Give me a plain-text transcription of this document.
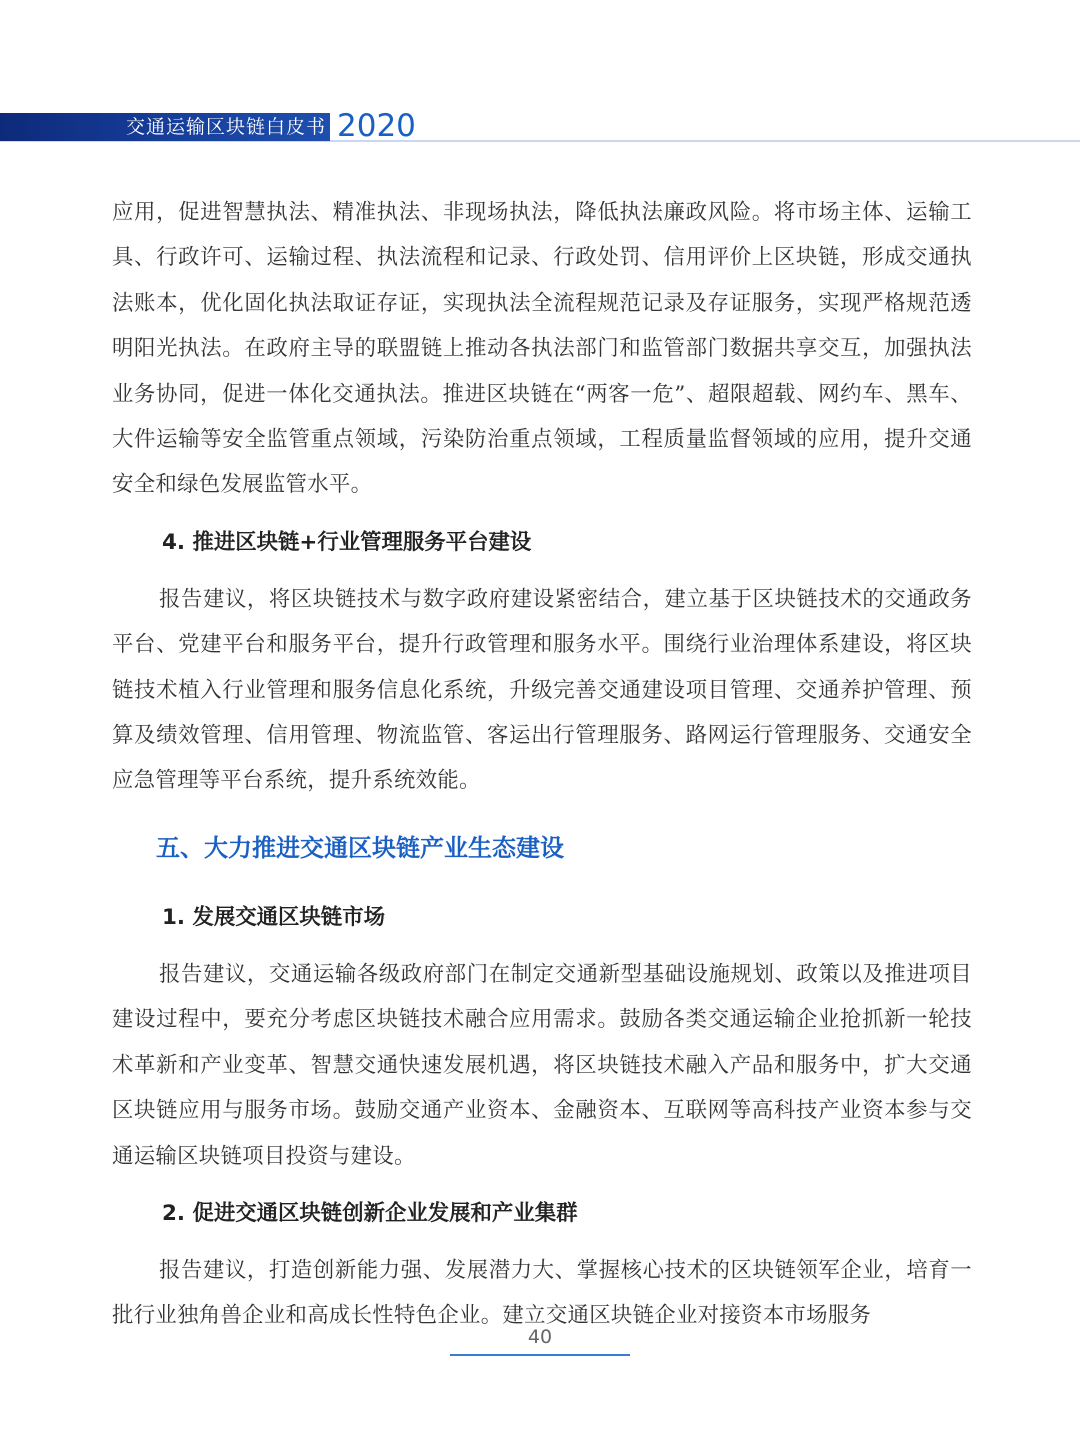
交通运输区块链白皮书 2020

应用，促进智慧执法、精准执法、非现场执法，降低执法廉政风险。将市场主体、运输工具、行政许可、运输过程、执法流程和记录、行政处罚、信用评价上区块链，形成交通执法账本，优化固化执法取证存证，实现执法全流程规范记录及存证服务，实现严格规范透明阳光执法。在政府主导的联盟链上推动各执法部门和监管部门数据共享交互，加强执法业务协同，促进一体化交通执法。推进区块链在“两客一危”、超限超载、网约车、黑车、大件运输等安全监管重点领域，污染防治重点领域，工程质量监督领域的应用，提升交通安全和绿色发展监管水平。

4. 推进区块链+行业管理服务平台建设

报告建议，将区块链技术与数字政府建设紧密结合，建立基于区块链技术的交通政务平台、党建平台和服务平台，提升行政管理和服务水平。围绕行业治理体系建设，将区块链技术植入行业管理和服务信息化系统，升级完善交通建设项目管理、交通养护管理、预算及绩效管理、信用管理、物流监管、客运出行管理服务、路网运行管理服务、交通安全应急管理等平台系统，提升系统效能。

五、大力推进交通区块链产业生态建设
1. 发展交通区块链市场

报告建议，交通运输各级政府部门在制定交通新型基础设施规划、政策以及推进项目建设过程中，要充分考虑区块链技术融合应用需求。鼓励各类交通运输企业抢抓新一轮技术革新和产业变革、智慧交通快速发展机遇，将区块链技术融入产品和服务中，扩大交通区块链应用与服务市场。鼓励交通产业资本、金融资本、互联网等高科技产业资本参与交通运输区块链项目投资与建设。

2. 促进交通区块链创新企业发展和产业集群

报告建议，打造创新能力强、发展潜力大、掌握核心技术的区块链领军企业，培育一批行业独角兽企业和高成长性特色企业。建立交通区块链企业对接资本市场服务

40
